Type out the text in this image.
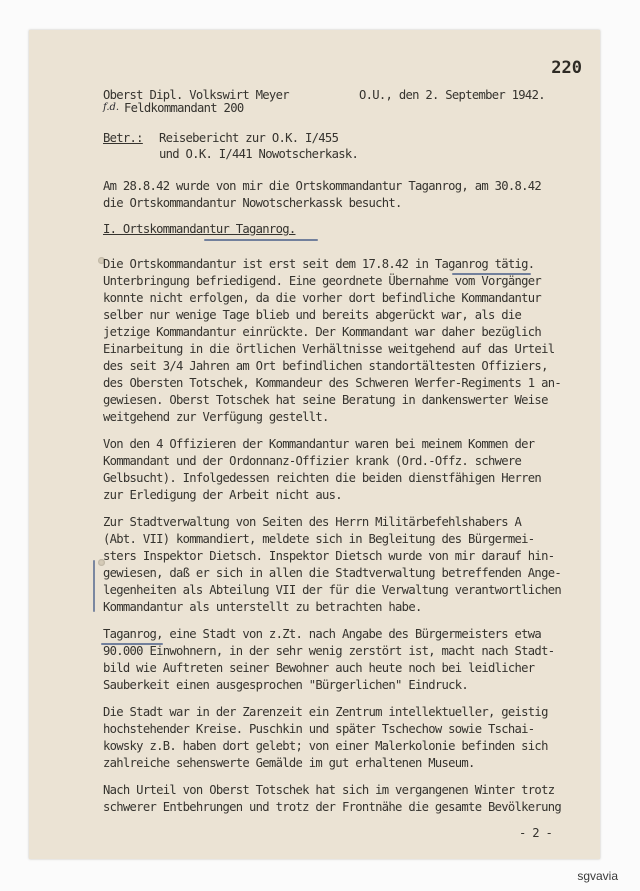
220
Oberst Dipl. Volkswirt Meyer
f.d. Feldkommandant 200
O.U., den 2. September 1942.
Betr.: Reisebericht zur O.K. I/455
und O.K. I/441 Nowotscherkask.
Am 28.8.42 wurde von mir die Ortskommandantur Taganrog, am 30.8.42
die Ortskommandantur Nowotscherkassk besucht.
I. Ortskommandantur Taganrog.
Die Ortskommandantur ist erst seit dem 17.8.42 in Taganrog tätig.
Unterbringung befriedigend. Eine geordnete Übernahme vom Vorgänger
konnte nicht erfolgen, da die vorher dort befindliche Kommandantur
selber nur wenige Tage blieb und bereits abgerückt war, als die
jetzige Kommandantur einrückte. Der Kommandant war daher bezüglich
Einarbeitung in die örtlichen Verhältnisse weitgehend auf das Urteil
des seit 3/4 Jahren am Ort befindlichen standortältesten Offiziers,
des Obersten Totschek, Kommandeur des Schweren Werfer-Regiments 1 an-
gewiesen. Oberst Totschek hat seine Beratung in dankenswerter Weise
weitgehend zur Verfügung gestellt.
Von den 4 Offizieren der Kommandantur waren bei meinem Kommen der
Kommandant und der Ordonnanz-Offizier krank (Ord.-Offz. schwere
Gelbsucht). Infolgedessen reichten die beiden dienstfähigen Herren
zur Erledigung der Arbeit nicht aus.
Zur Stadtverwaltung von Seiten des Herrn Militärbefehlshabers A
(Abt. VII) kommandiert, meldete sich in Begleitung des Bürgermei-
sters Inspektor Dietsch. Inspektor Dietsch wurde von mir darauf hin-
gewiesen, daß er sich in allen die Stadtverwaltung betreffenden Ange-
legenheiten als Abteilung VII der für die Verwaltung verantwortlichen
Kommandantur als unterstellt zu betrachten habe.
Taganrog, eine Stadt von z.Zt. nach Angabe des Bürgermeisters etwa
90.000 Einwohnern, in der sehr wenig zerstört ist, macht nach Stadt-
bild wie Auftreten seiner Bewohner auch heute noch bei leidlicher
Sauberkeit einen ausgesprochen "Bürgerlichen" Eindruck.
Die Stadt war in der Zarenzeit ein Zentrum intellektueller, geistig
hochstehender Kreise. Puschkin und später Tschechow sowie Tschai-
kowsky z.B. haben dort gelebt; von einer Malerkolonie befinden sich
zahlreiche sehenswerte Gemälde im gut erhaltenen Museum.
Nach Urteil von Oberst Totschek hat sich im vergangenen Winter trotz
schwerer Entbehrungen und trotz der Frontnähe die gesamte Bevölkerung
- 2 -
sgvavia
